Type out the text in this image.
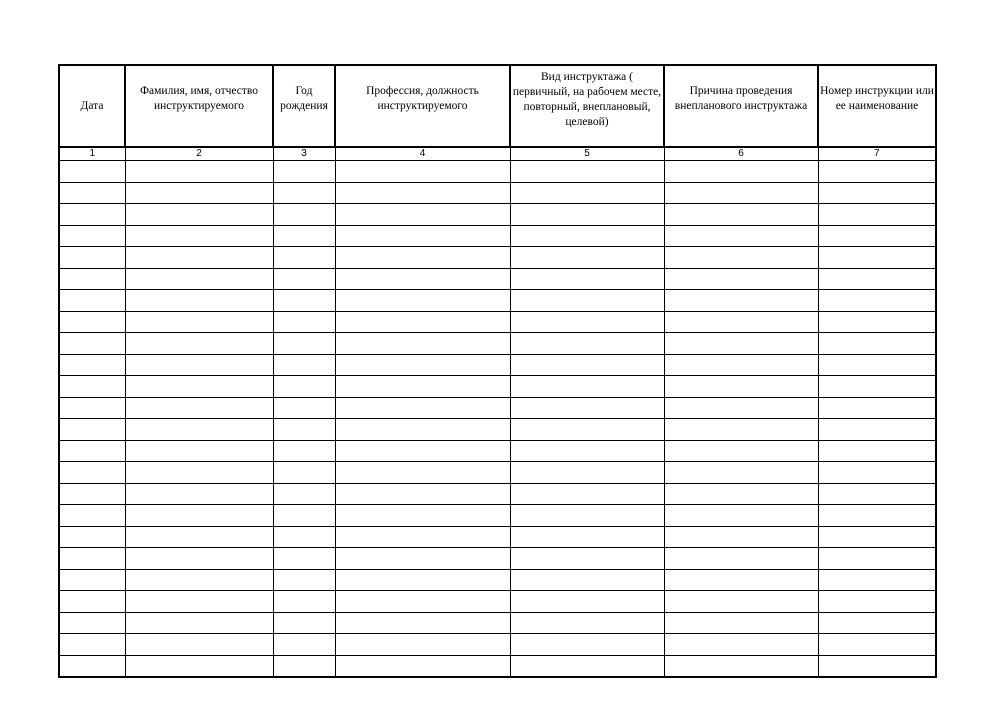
Дата	Фамилия, имя, отчество инструктируемого	Год рождения	Профессия, должность инструктируемого	Вид инструктажа ( первичный, на рабочем месте, повторный, внеплановый, целевой)	Причина проведения внепланового инструктажа	Номер инструкции или ее наименование
1	2	3	4	5	6	7
